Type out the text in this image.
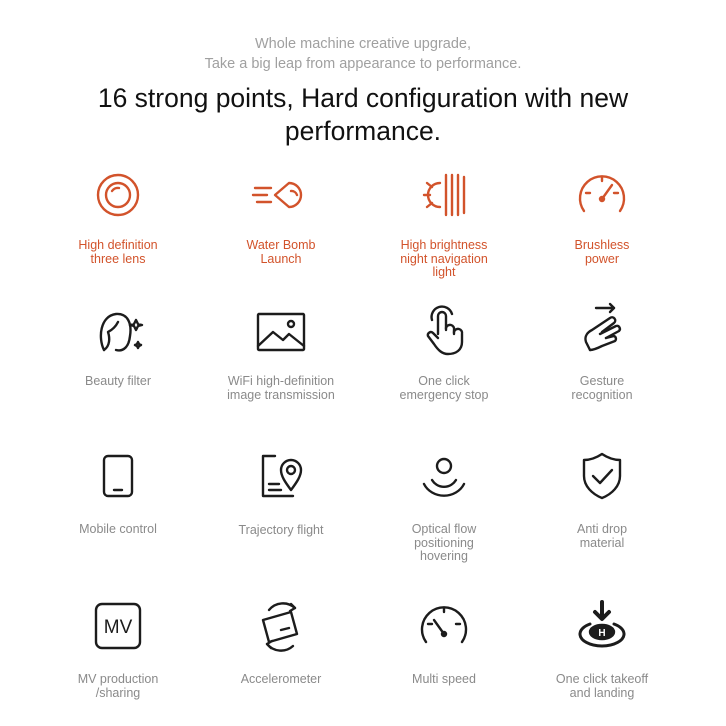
Whole machine creative upgrade,
Take a big leap from appearance to performance.

16 strong points, Hard configuration with new
performance.
High definition
three lens
Water Bomb
Launch
High brightness
night navigation
light
Brushless
power
Beauty filter	WiFi high-definition
image transmission
One click
emergency stop
Gesture
recognition
Mobile control	Trajectory flight	Optical flow
positioning
hovering
Anti drop
material
MV
MV production
/sharing
Accelerometer	Multi speed
H
One click takeoff
and landing
